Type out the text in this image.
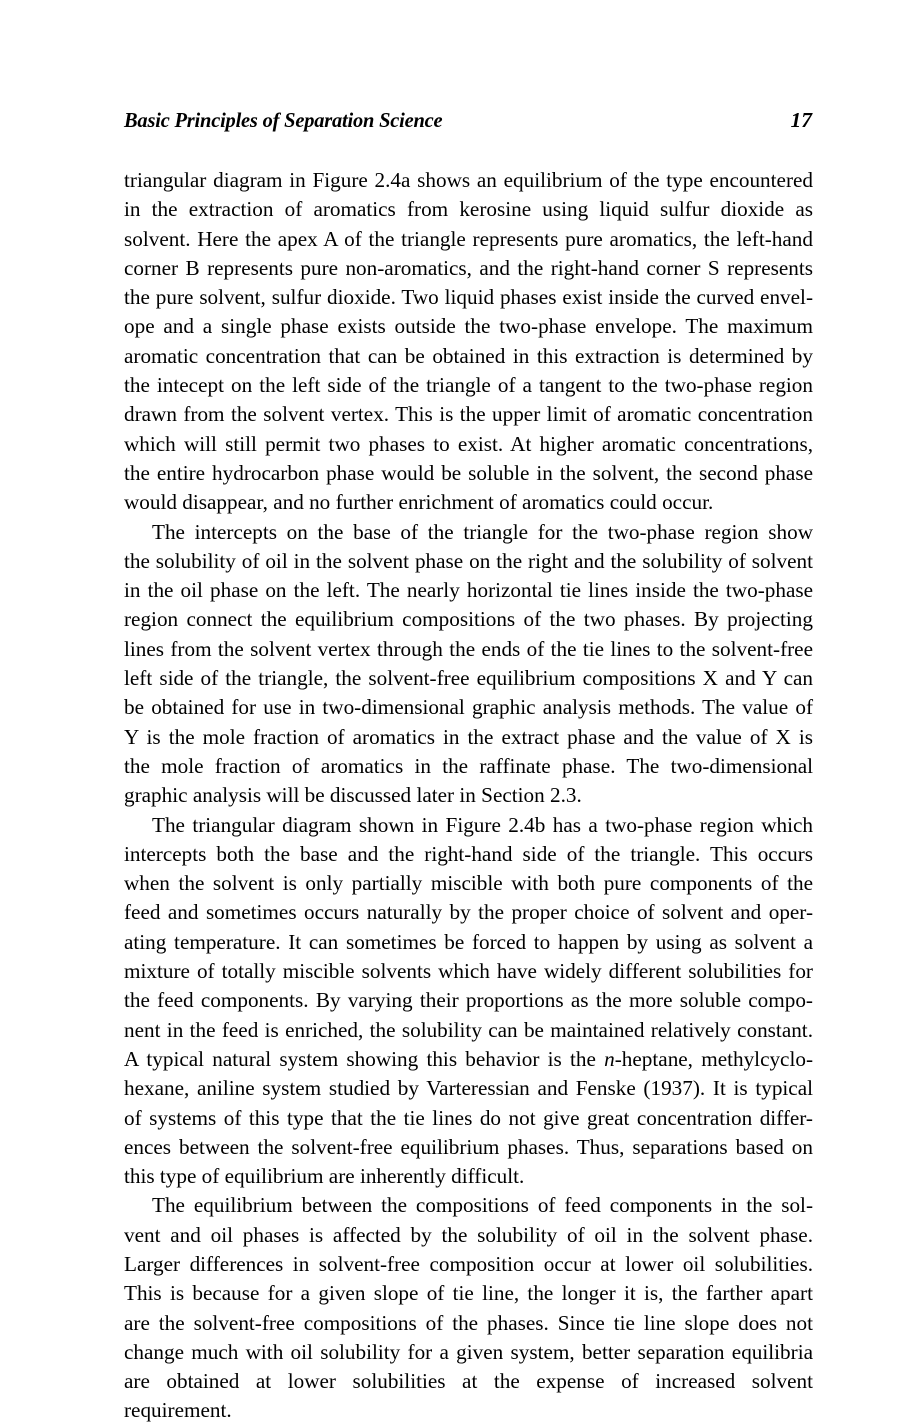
Basic Principles of Separation Science	17

triangular diagram in Figure 2.4a shows an equilibrium of the type encountered
in the extraction of aromatics from kerosine using liquid sulfur dioxide as
solvent. Here the apex A of the triangle represents pure aromatics, the left-hand
corner B represents pure non-aromatics, and the right-hand corner S represents
the pure solvent, sulfur dioxide. Two liquid phases exist inside the curved envel-
ope and a single phase exists outside the two-phase envelope. The maximum
aromatic concentration that can be obtained in this extraction is determined by
the intecept on the left side of the triangle of a tangent to the two-phase region
drawn from the solvent vertex. This is the upper limit of aromatic concentration
which will still permit two phases to exist. At higher aromatic concentrations,
the entire hydrocarbon phase would be soluble in the solvent, the second phase
would disappear, and no further enrichment of aromatics could occur.

The intercepts on the base of the triangle for the two-phase region show
the solubility of oil in the solvent phase on the right and the solubility of solvent
in the oil phase on the left. The nearly horizontal tie lines inside the two-phase
region connect the equilibrium compositions of the two phases. By projecting
lines from the solvent vertex through the ends of the tie lines to the solvent-free
left side of the triangle, the solvent-free equilibrium compositions X and Y can
be obtained for use in two-dimensional graphic analysis methods. The value of
Y is the mole fraction of aromatics in the extract phase and the value of X is
the mole fraction of aromatics in the raffinate phase. The two-dimensional
graphic analysis will be discussed later in Section 2.3.

The triangular diagram shown in Figure 2.4b has a two-phase region which
intercepts both the base and the right-hand side of the triangle. This occurs
when the solvent is only partially miscible with both pure components of the
feed and sometimes occurs naturally by the proper choice of solvent and oper-
ating temperature. It can sometimes be forced to happen by using as solvent a
mixture of totally miscible solvents which have widely different solubilities for
the feed components. By varying their proportions as the more soluble compo-
nent in the feed is enriched, the solubility can be maintained relatively constant.
A typical natural system showing this behavior is the n-heptane, methylcyclo-
hexane, aniline system studied by Varteressian and Fenske (1937). It is typical
of systems of this type that the tie lines do not give great concentration differ-
ences between the solvent-free equilibrium phases. Thus, separations based on
this type of equilibrium are inherently difficult.

The equilibrium between the compositions of feed components in the sol-
vent and oil phases is affected by the solubility of oil in the solvent phase.
Larger differences in solvent-free composition occur at lower oil solubilities.
This is because for a given slope of tie line, the longer it is, the farther apart
are the solvent-free compositions of the phases. Since tie line slope does not
change much with oil solubility for a given system, better separation equilibria
are obtained at lower solubilities at the expense of increased solvent requirement.
